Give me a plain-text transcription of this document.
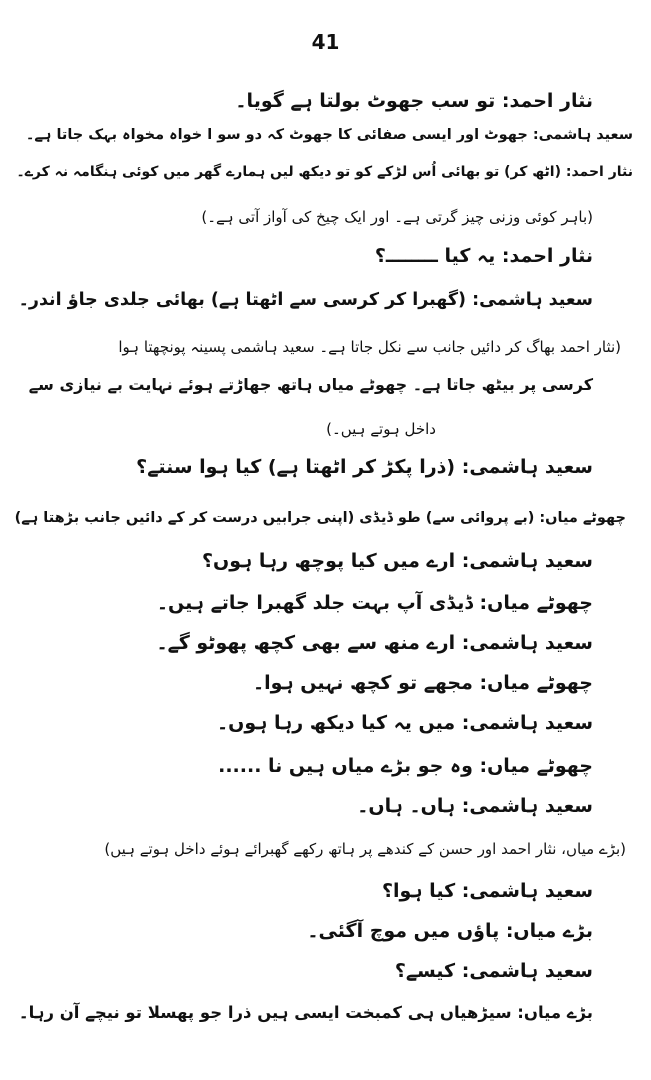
41
نثار احمد: تو سب جھوٹ بولتا ہے گویا۔
سعید ہاشمی: جھوٹ اور ایسی صفائی کا جھوٹ کہ دو سو ا خواہ مخواہ بہک جاتا ہے۔
نثار احمد: (اٹھ کر) تو بھائی اُس لڑکے کو تو دیکھ لیں ہمارے گھر میں کوئی ہنگامہ نہ کرے۔
(باہر کوئی وزنی چیز گرتی ہے۔ اور ایک چیخ کی آواز آتی ہے۔)
نثار احمد: یہ کیا ــــــــ؟
سعید ہاشمی: (گھبرا کر کرسی سے اٹھتا ہے) بھائی جلدی جاؤ اندر۔
(نثار احمد بھاگ کر دائیں جانب سے نکل جاتا ہے۔ سعید ہاشمی پسینہ پونچھتا ہوا
کرسی پر بیٹھ جاتا ہے۔ چھوٹے میاں ہاتھ جھاڑتے ہوئے نہایت بے نیازی سے
داخل ہوتے ہیں۔)
سعید ہاشمی: (ذرا پکڑ کر اٹھتا ہے) کیا ہوا سنتے؟
چھوٹے میاں: (بے پروائی سے) طو ڈیڈی (اپنی جرابیں درست کر کے دائیں جانب بڑھتا ہے)
سعید ہاشمی: ارے میں کیا پوچھ رہا ہوں؟
چھوٹے میاں: ڈیڈی آپ بہت جلد گھبرا جاتے ہیں۔
سعید ہاشمی: ارے منھ سے بھی کچھ پھوٹو گے۔
چھوٹے میاں: مجھے تو کچھ نہیں ہوا۔
سعید ہاشمی: میں یہ کیا دیکھ رہا ہوں۔
چھوٹے میاں: وہ جو بڑے میاں ہیں نا ......
سعید ہاشمی: ہاں۔ ہاں۔
(بڑے میاں، نثار احمد اور حسن کے کندھے پر ہاتھ رکھے گھبرائے ہوئے داخل ہوتے ہیں)
سعید ہاشمی: کیا ہوا؟
بڑے میاں: پاؤں میں موچ آگئی۔
سعید ہاشمی: کیسے؟
بڑے میاں: سیڑھیاں ہی کمبخت ایسی ہیں ذرا جو پھسلا تو نیچے آن رہا۔
